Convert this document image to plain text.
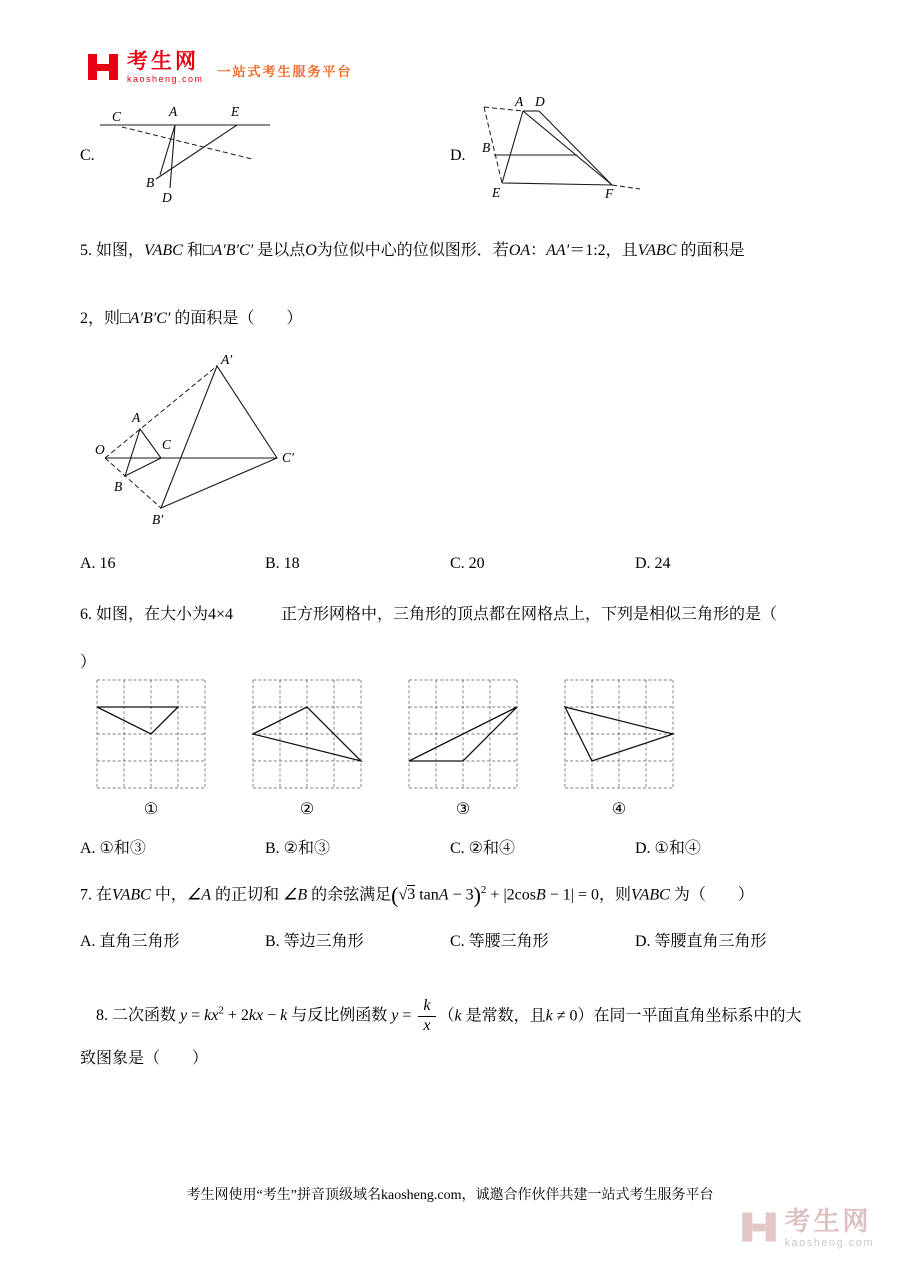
考生网
kaosheng.com 一站式考生服务平台
C.
C	A	E
B
D
D.
A D
B
E	F
5. 如图，VABC 和□A′B′C′ 是以点O为位似中心的位似图形．若OA：AA′＝1:2，且VABC 的面积是
2，则□A′B′C′ 的面积是（　　）
A′
A
C
O
C′
B
B′
A. 16	B. 18	C. 20	D. 24
6. 如图，在大小为4×4　　　正方形网格中，三角形的顶点都在网格点上，下列是相似三角形的是（
）
①	②	③	④
A. ①和③	B. ②和③	C. ②和④	D. ①和④
7. 在VABC 中，∠A 的正切和 ∠B 的余弦满足(√3 tanA − 3)$^2$ + |2cosB − 1| = 0，则VABC 为（　　）
A. 直角三角形	B. 等边三角形	C. 等腰三角形	D. 等腰直角三角形

8. 二次函数 $y = kx^2 + 2kx - k$ 与反比例函数 $y = \frac{k}{x} (k$ 是常数，且k ≠ 0）在同一平面直角坐标系中的大

致图象是（　　）
考生网使用“考生”拼音顶级域名kaosheng.com，诚邀合作伙伴共建一站式考生服务平台
考生网
kaosheng.com
